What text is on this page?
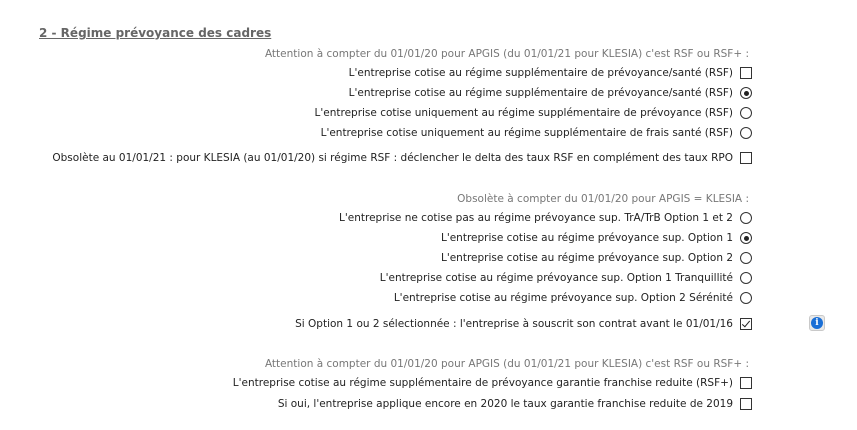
2 - Régime prévoyance des cadres
Attention à compter du 01/01/20 pour APGIS (du 01/01/21 pour KLESIA) c'est RSF ou RSF+ :
L'entreprise cotise au régime supplémentaire de prévoyance/santé (RSF)
L'entreprise cotise au régime supplémentaire de prévoyance/santé (RSF)
L'entreprise cotise uniquement au régime supplémentaire de prévoyance (RSF)
L'entreprise cotise uniquement au régime supplémentaire de frais santé (RSF)
Obsolète au 01/01/21 : pour KLESIA (au 01/01/20) si régime RSF : déclencher le delta des taux RSF en complément des taux RPO
Obsolète à compter du 01/01/20 pour APGIS = KLESIA :
L'entreprise ne cotise pas au régime prévoyance sup. TrA/TrB Option 1 et 2
L'entreprise cotise au régime prévoyance sup. Option 1
L'entreprise cotise au régime prévoyance sup. Option 2
L'entreprise cotise au régime prévoyance sup. Option 1 Tranquillité
L'entreprise cotise au régime prévoyance sup. Option 2 Sérénité
Si Option 1 ou 2 sélectionnée : l'entreprise à souscrit son contrat avant le 01/01/16	i
Attention à compter du 01/01/20 pour APGIS (du 01/01/21 pour KLESIA) c'est RSF ou RSF+ :
L'entreprise cotise au régime supplémentaire de prévoyance garantie franchise reduite (RSF+)
Si oui, l'entreprise applique encore en 2020 le taux garantie franchise reduite de 2019
